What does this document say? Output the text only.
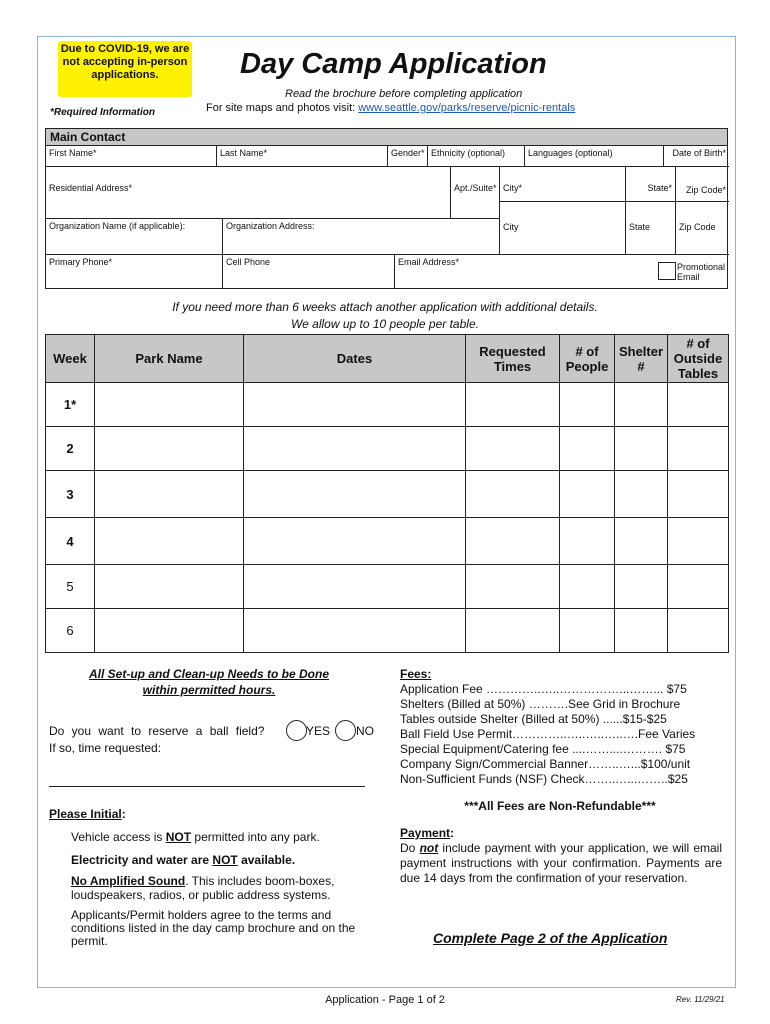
Due to COVID-19, we are not accepting in-person applications.	Day Camp Application
Read the brochure before completing application
For site maps and photos visit: www.seattle.gov/parks/reserve/picnic-rentals
*Required Information
Main Contact
First Name*	Last Name*	Gender* Ethnicity (optional)	Languages (optional)	Date of Birth*
Residential Address*	Apt./Suite* City*	State*	Zip Code*
Organization Name (if applicable):	Organization Address:	City	State	Zip Code
Primary Phone*	Cell Phone	Email Address*	Promotional Email
If you need more than 6 weeks attach another application with additional details.
We allow up to 10 people per table.
Week	Park Name	Dates	Requested Times	# of People	Shelter #	# of Outside Tables

1*						
2						
3						
4						
5						
6						
All Set-up and Clean-up Needs to be Done
within permitted hours.
Do you want to reserve a ball field?	YES NO
If so, time requested:
Please Initial:
Vehicle access is NOT permitted into any park.
Electricity and water are NOT available.
No Amplified Sound. This includes boom-boxes, loudspeakers, radios, or public address systems.
Applicants/Permit holders agree to the terms and conditions listed in the day camp brochure and on the permit.
Fees:
Application Fee …………..…..……………...……... $75
Shelters (Billed at 50%) ……….See Grid in Brochure
Tables outside Shelter (Billed at 50%) ......$15-$25
Ball Field Use Permit…………..…..…..…..….Fee Varies
Special Equipment/Catering fee ....……....………. $75
Company Sign/Commercial Banner……..…...$100/unit
Non-Sufficient Funds (NSF) Check……..…...……..$25
***All Fees are Non-Refundable***
Payment:
Do not include payment with your application, we will email payment instructions with your confirmation. Payments are due 14 days from the confirmation of your reservation.
Complete Page 2 of the Application
Application - Page 1 of 2	Rev. 11/29/21
